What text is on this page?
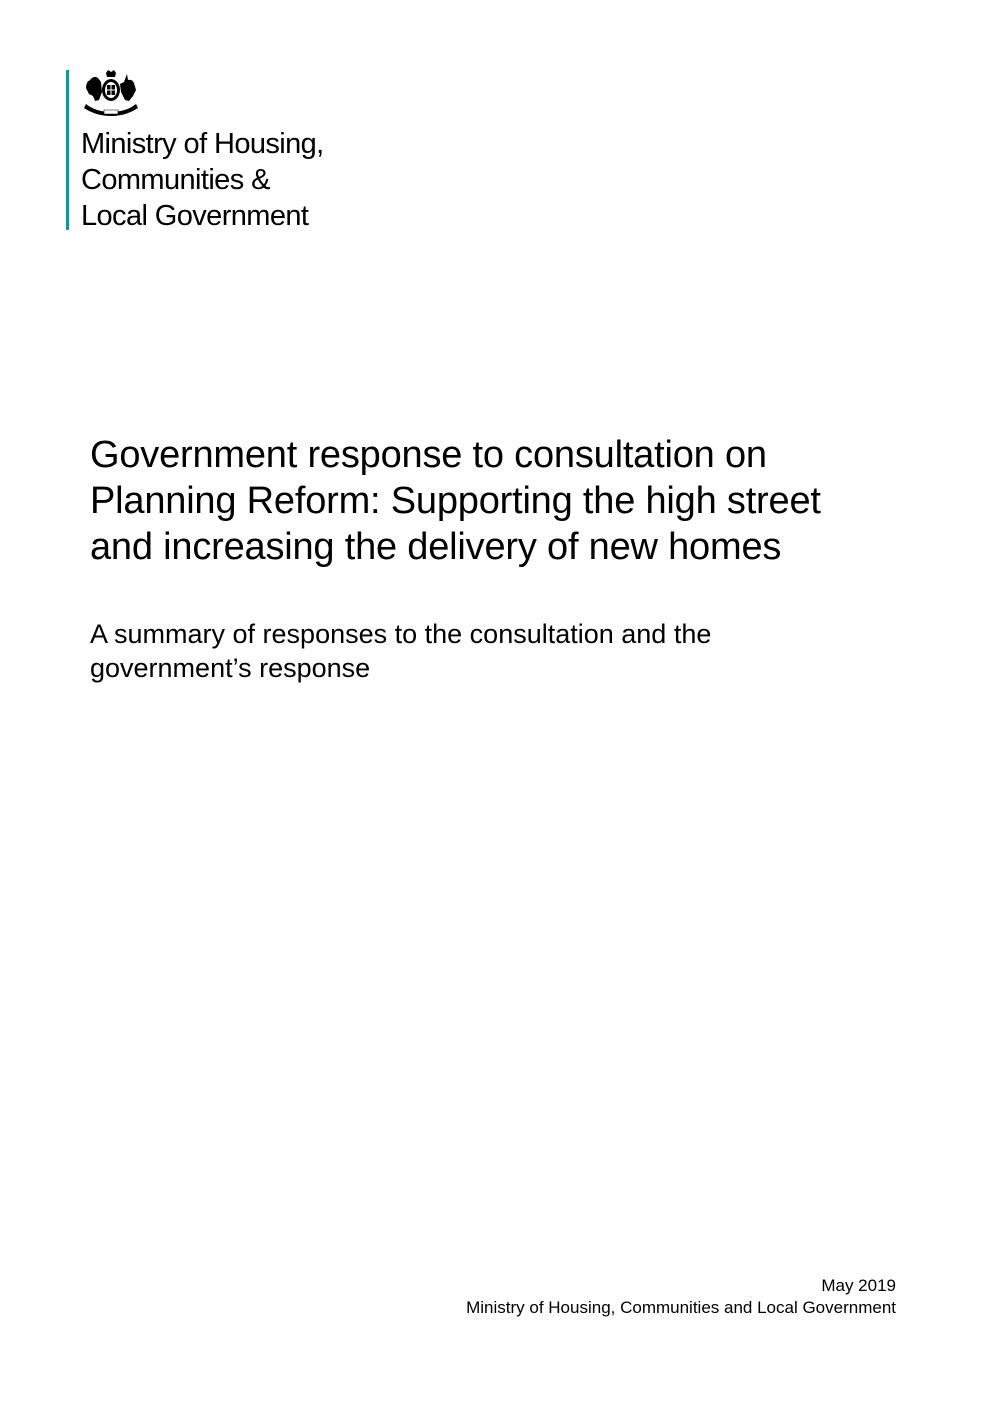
Ministry of Housing,
Communities &
Local Government
Government response to consultation on
Planning Reform: Supporting the high street
and increasing the delivery of new homes
A summary of responses to the consultation and the
government’s response
May 2019
Ministry of Housing, Communities and Local Government
